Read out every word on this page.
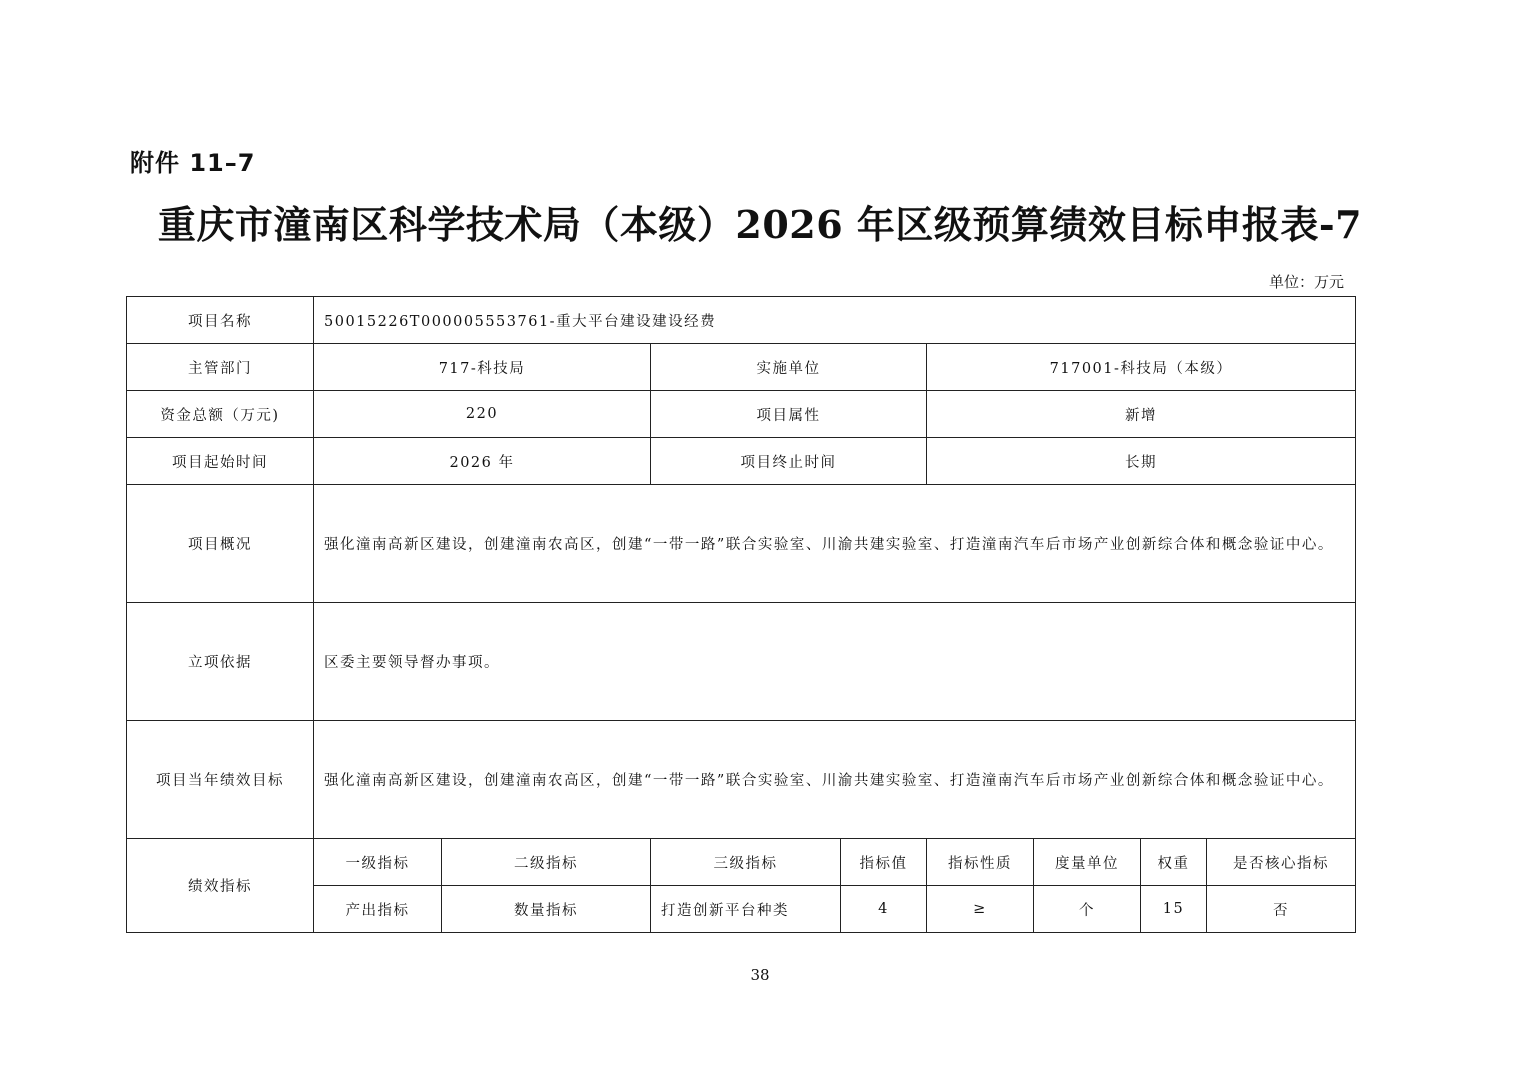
附件 11–7
重庆市潼南区科学技术局（本级）2026 年区级预算绩效目标申报表-7
单位：万元
项目名称	50015226T000005553761-重大平台建设建设经费							
主管部门	717-科技局		实施单位		717001-科技局（本级）			
资金总额（万元)	220		项目属性		新增			
项目起始时间	2026 年		项目终止时间		长期			
项目概况	强化潼南高新区建设，创建潼南农高区，创建“一带一路”联合实验室、川渝共建实验室、打造潼南汽车后市场产业创新综合体和概念验证中心。							
立项依据	区委主要领导督办事项。							
项目当年绩效目标	强化潼南高新区建设，创建潼南农高区，创建“一带一路”联合实验室、川渝共建实验室、打造潼南汽车后市场产业创新综合体和概念验证中心。							
绩效指标	一级指标	二级指标	三级指标	指标值	指标性质	度量单位	权重	是否核心指标
	产出指标	数量指标	打造创新平台种类	4	≥	个	15	否
38
